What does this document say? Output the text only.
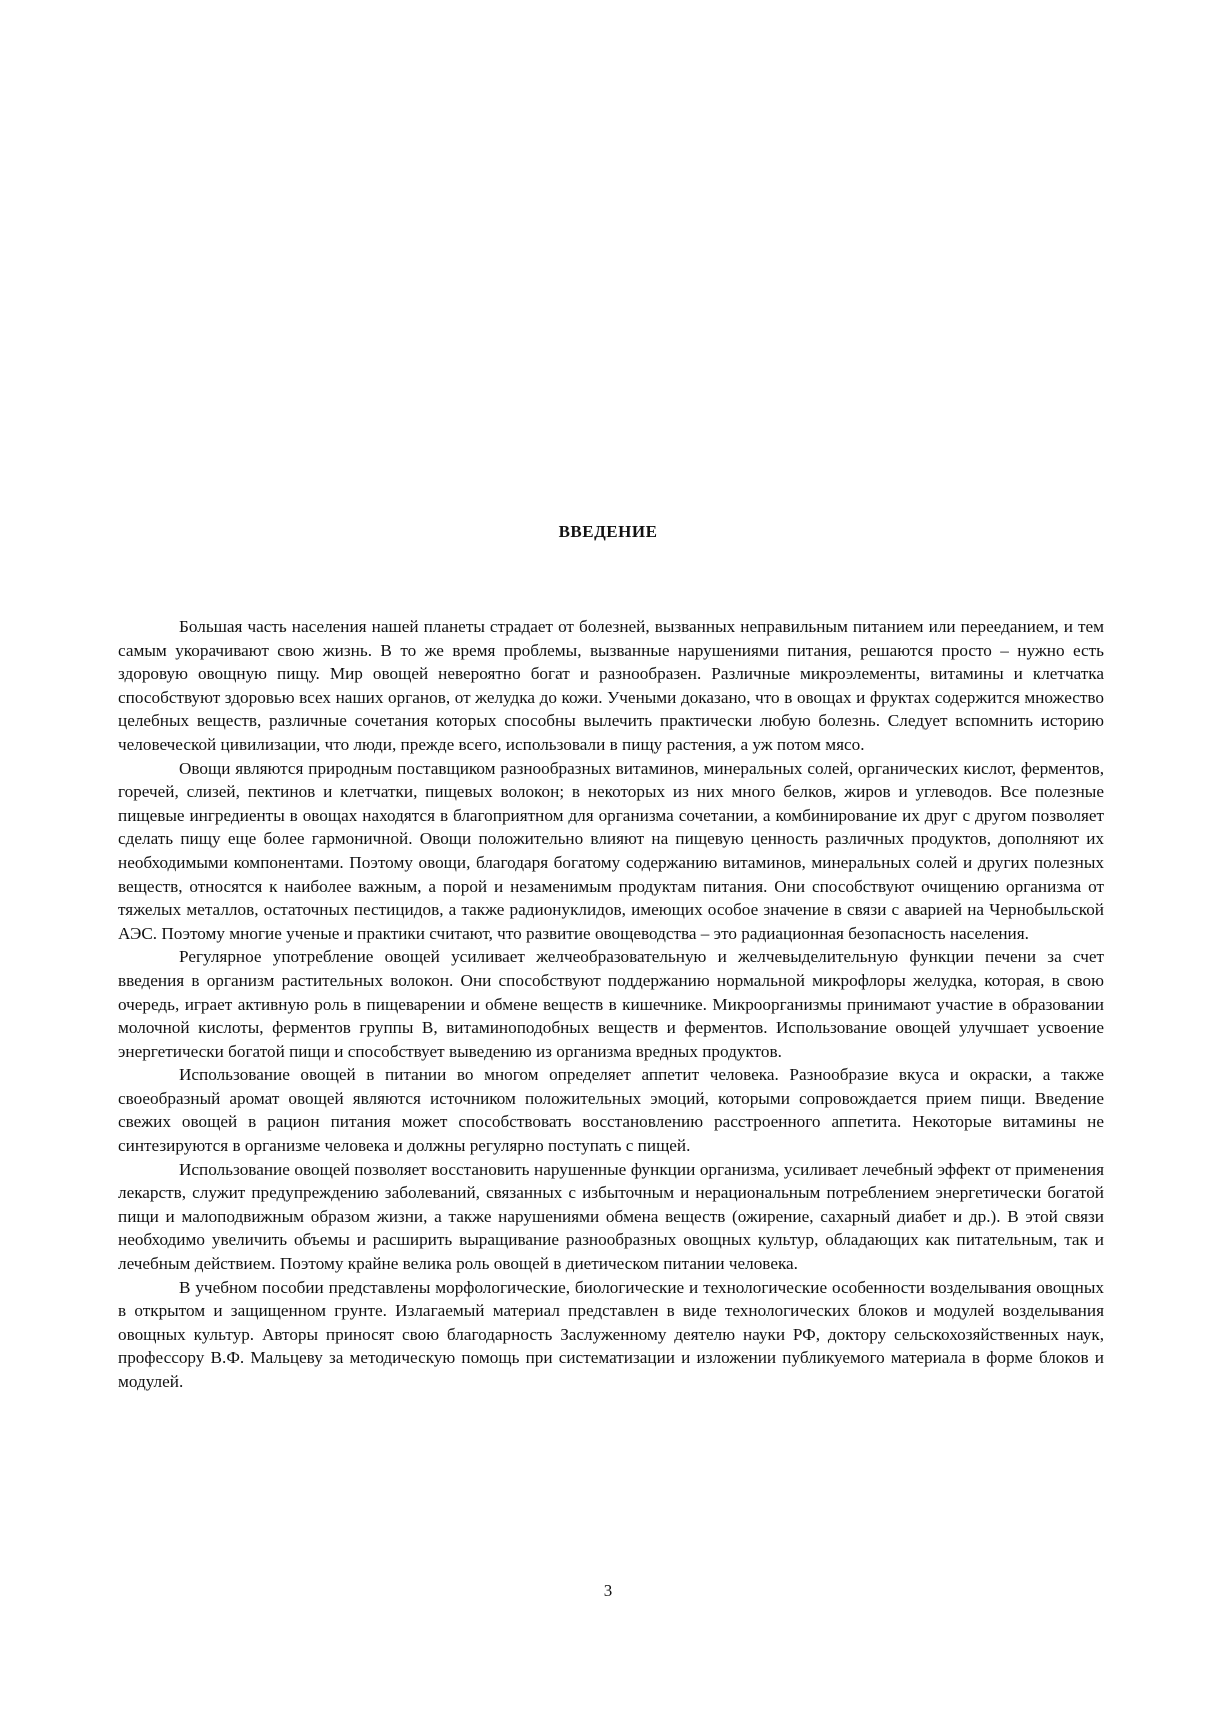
ВВЕДЕНИЕ

Большая часть населения нашей планеты страдает от болезней, вызванных неправильным питанием или перееданием, и тем самым укорачивают свою жизнь. В то же время проблемы, вызванные нарушениями питания, решаются просто – нужно есть здоровую овощную пищу. Мир овощей невероятно богат и разнообразен. Различные микроэлементы, витамины и клетчатка способствуют здоровью всех наших органов, от желудка до кожи. Учеными доказано, что в овощах и фруктах содержится множество целебных веществ, различные сочетания которых способны вылечить практически любую болезнь. Следует вспомнить историю человеческой цивилизации, что люди, прежде всего, использовали в пищу растения, а уж потом мясо.

Овощи являются природным поставщиком разнообразных витаминов, минеральных солей, органических кислот, ферментов, горечей, слизей, пектинов и клетчатки, пищевых волокон; в некоторых из них много белков, жиров и углеводов. Все полезные пищевые ингредиенты в овощах находятся в благоприятном для организма сочетании, а комбинирование их друг с другом позволяет сделать пищу еще более гармоничной. Овощи положительно влияют на пищевую ценность различных продуктов, дополняют их необходимыми компонентами. Поэтому овощи, благодаря богатому содержанию витаминов, минеральных солей и других полезных веществ, относятся к наиболее важным, а порой и незаменимым продуктам питания. Они способствуют очищению организма от тяжелых металлов, остаточных пестицидов, а также радионуклидов, имеющих особое значение в связи с аварией на Чернобыльской АЭС. Поэтому многие ученые и практики считают, что развитие овощеводства – это радиационная безопасность населения.

Регулярное употребление овощей усиливает желчеобразовательную и желчевыделительную функции печени за счет введения в организм растительных волокон. Они способствуют поддержанию нормальной микрофлоры желудка, которая, в свою очередь, играет активную роль в пищеварении и обмене веществ в кишечнике. Микроорганизмы принимают участие в образовании молочной кислоты, ферментов группы В, витаминоподобных веществ и ферментов. Использование овощей улучшает усвоение энергетически богатой пищи и способствует выведению из организма вредных продуктов.

Использование овощей в питании во многом определяет аппетит человека. Разнообразие вкуса и окраски, а также своеобразный аромат овощей являются источником положительных эмоций, которыми сопровождается прием пищи. Введение свежих овощей в рацион питания может способствовать восстановлению расстроенного аппетита. Некоторые витамины не синтезируются в организме человека и должны регулярно поступать с пищей.

Использование овощей позволяет восстановить нарушенные функции организма, усиливает лечебный эффект от применения лекарств, служит предупреждению заболеваний, связанных с избыточным и нерациональным потреблением энергетически богатой пищи и малоподвижным образом жизни, а также нарушениями обмена веществ (ожирение, сахарный диабет и др.). В этой связи необходимо увеличить объемы и расширить выращивание разнообразных овощных культур, обладающих как питательным, так и лечебным действием. Поэтому крайне велика роль овощей в диетическом питании человека.

В учебном пособии представлены морфологические, биологические и технологические особенности возделывания овощных в открытом и защищенном грунте. Излагаемый материал представлен в виде технологических блоков и модулей возделывания овощных культур. Авторы приносят свою благодарность Заслуженному деятелю науки РФ, доктору сельскохозяйственных наук, профессору В.Ф. Мальцеву за методическую помощь при систематизации и изложении публикуемого материала в форме блоков и модулей.

3
